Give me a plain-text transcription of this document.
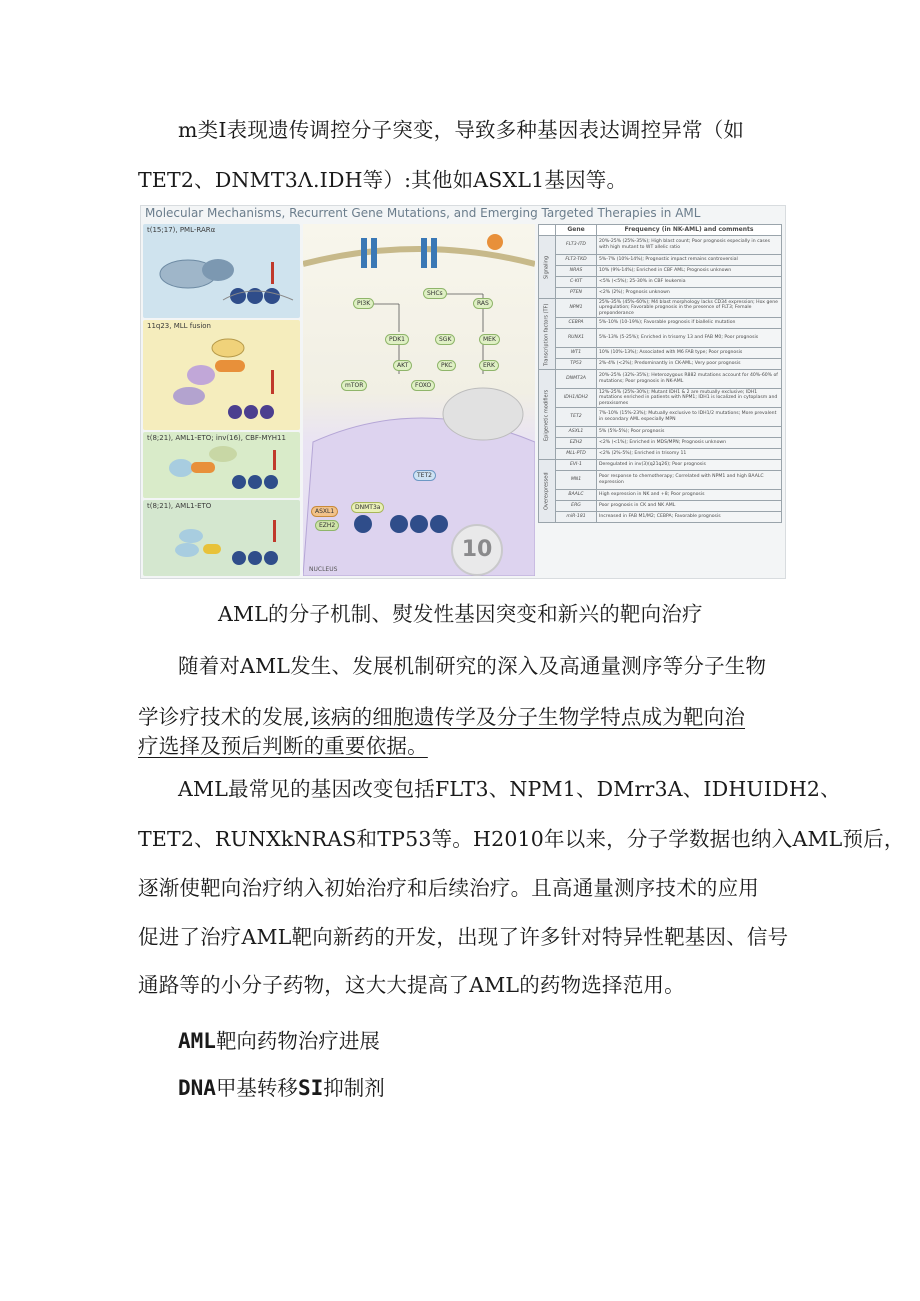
m类I表现遗传调控分子突变，导致多种基因表达调控异常（如
TET2、DNMT3Λ.IDH等）:其他如ASXL1基因等。
Molecular Mechanisms, Recurrent Gene Mutations, and Emerging Targeted Therapies in AML
t(15;17), PML-RARα
11q23, MLL fusion
t(8;21), AML1-ETO; inv(16), CBF-MYH11
t(8;21), AML1-ETO
PI3K
SHCs
RAS
PDK1	SGK	MEK
AKT	PKC	ERK
mTOR	FOXO
TET2
DNMT3a
ASXL1
EZH2
NUCLEUS
10
	Gene	Frequency (in NK-AML) and comments
Signaling	FLT3-ITD	20%-25% (25%-35%); High blast count; Poor prognosis especially in cases with high mutant to WT allelic ratio
	FLT3-TKD	5%-7% (10%-14%); Prognostic impact remains controversial
	NRAS	10% (9%-14%); Enriched in CBF AML; Prognosis unknown
	C-KIT	<5% (<5%); 25-30% in CBF leukemia
	PTEN	<2% (2%); Prognosis unknown
Transcription factors (TF)	NPM1	25%-35% (45%-60%); M4 blast morphology lacks CD34 expression; Hox gene upregulation; Favorable prognosis in the presence of FLT3; Female preponderance
	CEBPA	5%-10% (10-19%); Favorable prognosis if biallelic mutation
	RUNX1	5%-13% (5-25%); Enriched in trisomy 13 and FAB M0; Poor prognosis
	WT1	10% (10%-13%); Associated with M6 FAB type; Poor prognosis
	TP53	2%-4% (<2%); Predominantly in CK-AML; Very poor prognosis
Epigenetic modifiers	DNMT3A	20%-25% (32%-35%); Heterozygous R882 mutations account for 40%-60% of mutations; Poor prognosis in NK-AML
	IDH1/IDH2	12%-25% (25%-30%); Mutant IDH1 & 2 are mutually exclusive; IDH1 mutations enriched in patients with NPM1; IDH1 is localized in cytoplasm and peroxisomes
	TET2	7%-10% (15%-23%); Mutually exclusive to IDH1/2 mutations; More prevalent in secondary AML especially MPN
	ASXL1	5% (5%-5%); Poor prognosis
	EZH2	<2% (<1%); Enriched in MDS/MPN; Prognosis unknown
	MLL-PTD	<2% (2%-5%); Enriched in trisomy 11
Overexpressed	EVI-1	Deregulated in inv(3)(q21q26); Poor prognosis
	MN1	Poor response to chemotherapy; Correlated with NPM1 and high BAALC expression
	BAALC	High expression in NK and +8; Poor prognosis
	ERG	Poor prognosis in CK and NK AML
	miR-181	Increased in FAB M1/M2; CEBPA; Favorable prognosis
AML的分子机制、熨发性基因突变和新兴的靶向治疗
随着对AML发生、发展机制研究的深入及高通量测序等分子生物
学诊疗技术的发展,该病的细胞遗传学及分子生物学特点成为靶向治
疗选择及预后判断的重要依据。
AML最常见的基因改变包括FLT3、NPM1、DMrr3A、IDHUIDH2、
TET2、RUNXkNRAS和TP53等。H2010年以来，分子学数据也纳入AML预后，
逐渐使靶向治疗纳入初始治疗和后续治疗。且高通量测序技术的应用
促进了治疗AML靶向新药的开发，出现了许多针对特异性靶基因、信号
通路等的小分子药物，这大大提高了AML的药物选择范用。
AML靶向药物治疗进展
DNA甲基转移SI抑制剂
